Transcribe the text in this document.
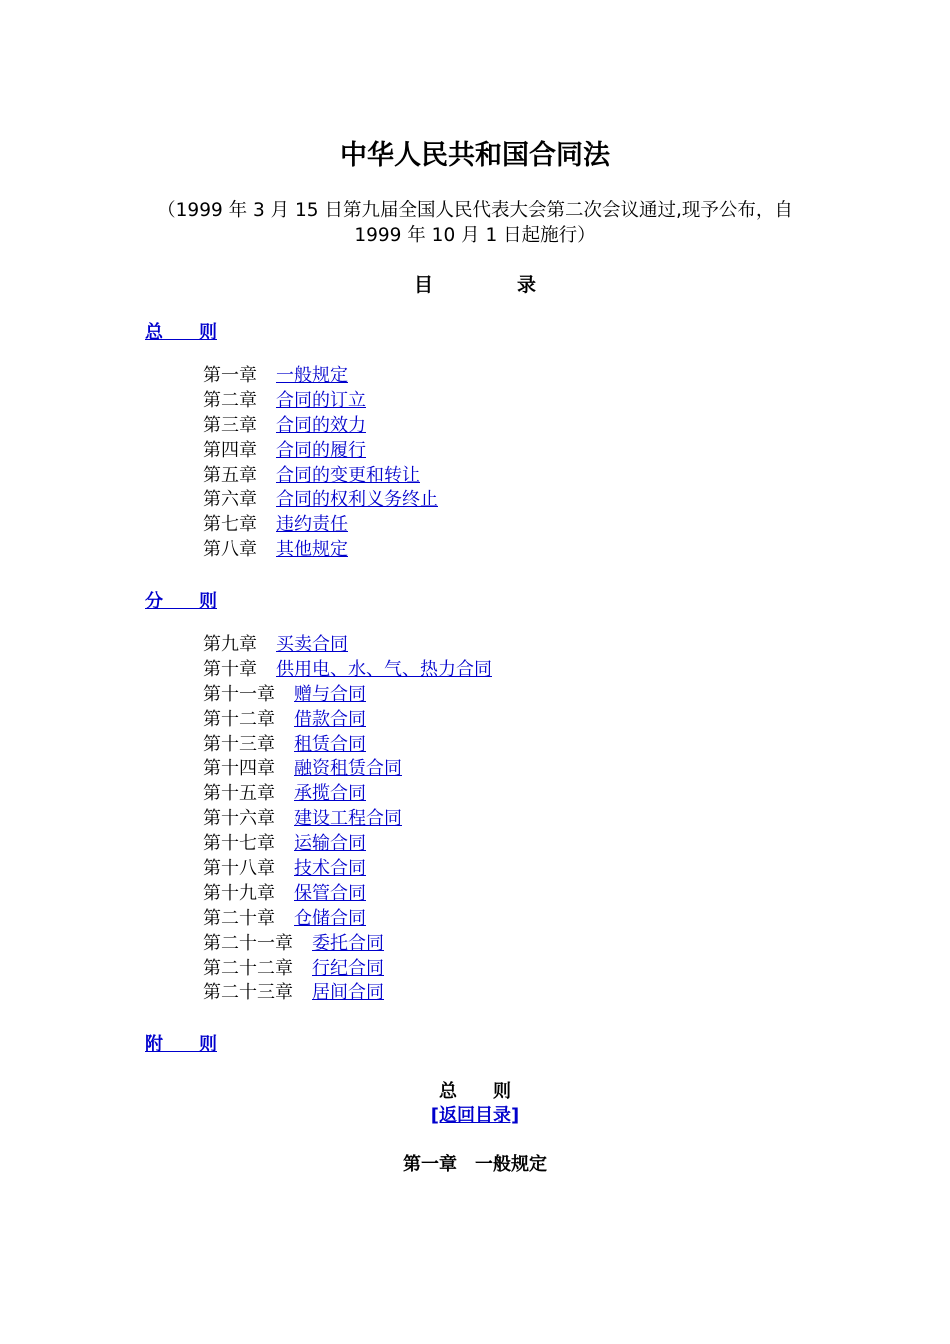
中华人民共和国合同法
（1999 年 3 月 15 日第九届全国人民代表大会第二次会议通过,现予公布，自
1999 年 10 月 1 日起施行）
目	录
总　　则
第一章 一般规定
第二章 合同的订立
第三章 合同的效力
第四章 合同的履行
第五章 合同的变更和转让
第六章 合同的权利义务终止
第七章 违约责任
第八章 其他规定
分　　则
第九章 买卖合同
第十章 供用电、水、气、热力合同
第十一章 赠与合同
第十二章 借款合同
第十三章 租赁合同
第十四章 融资租赁合同
第十五章 承揽合同
第十六章 建设工程合同
第十七章 运输合同
第十八章 技术合同
第十九章 保管合同
第二十章 仓储合同
第二十一章 委托合同
第二十二章 行纪合同
第二十三章 居间合同
附　　则
总　　则
[返回目录]
第一章　一般规定
